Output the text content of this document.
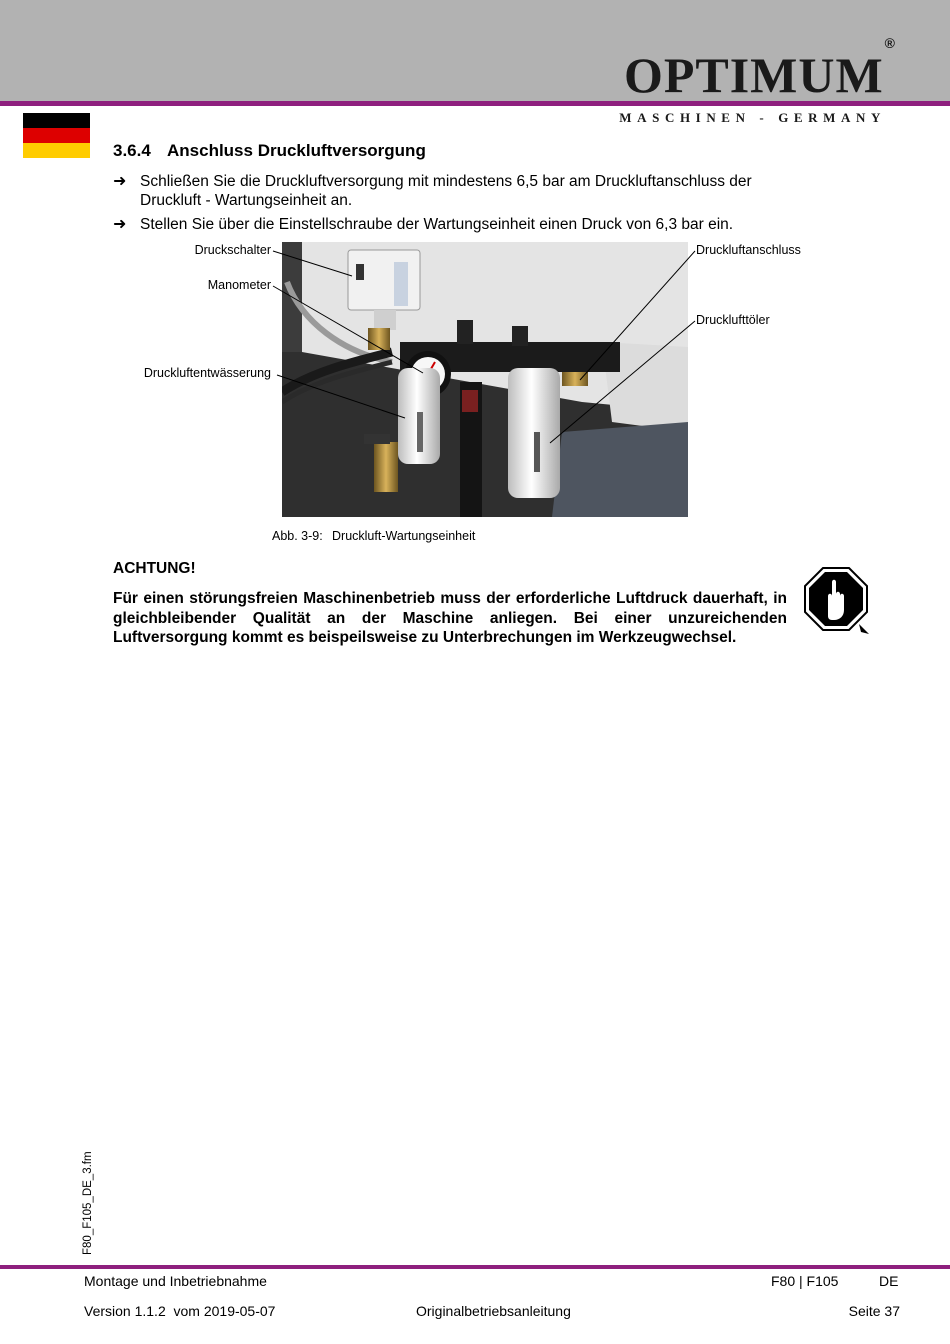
OPTIMUM®
MASCHINEN - GERMANY
3.6.4 Anschluss Druckluftversorgung
➜ Schließen Sie die Druckluftversorgung mit mindestens 6,5 bar am Druckluftanschluss der Druckluft - Wartungseinheit an.
➜ Stellen Sie über die Einstellschraube der Wartungseinheit einen Druck von 6,3 bar ein.
Druckschalter
Manometer
Druckluftentwässerung
Druckluftanschluss
Drucklufttöler
Abb. 3-9: Druckluft-Wartungseinheit
ACHTUNG!
Für einen störungsfreien Maschinenbetrieb muss der erforderliche Luftdruck dauerhaft, in gleichbleibender Qualität an der Maschine anliegen. Bei einer unzureichenden Luftversorgung kommt es beispeilsweise zu Unterbrechungen im Werkzeugwechsel.
F80_F105_DE_3.fm
Montage und Inbetriebnahme	F80 | F105	DE
Version 1.1.2  vom 2019-05-07	Originalbetriebsanleitung	Seite 37
